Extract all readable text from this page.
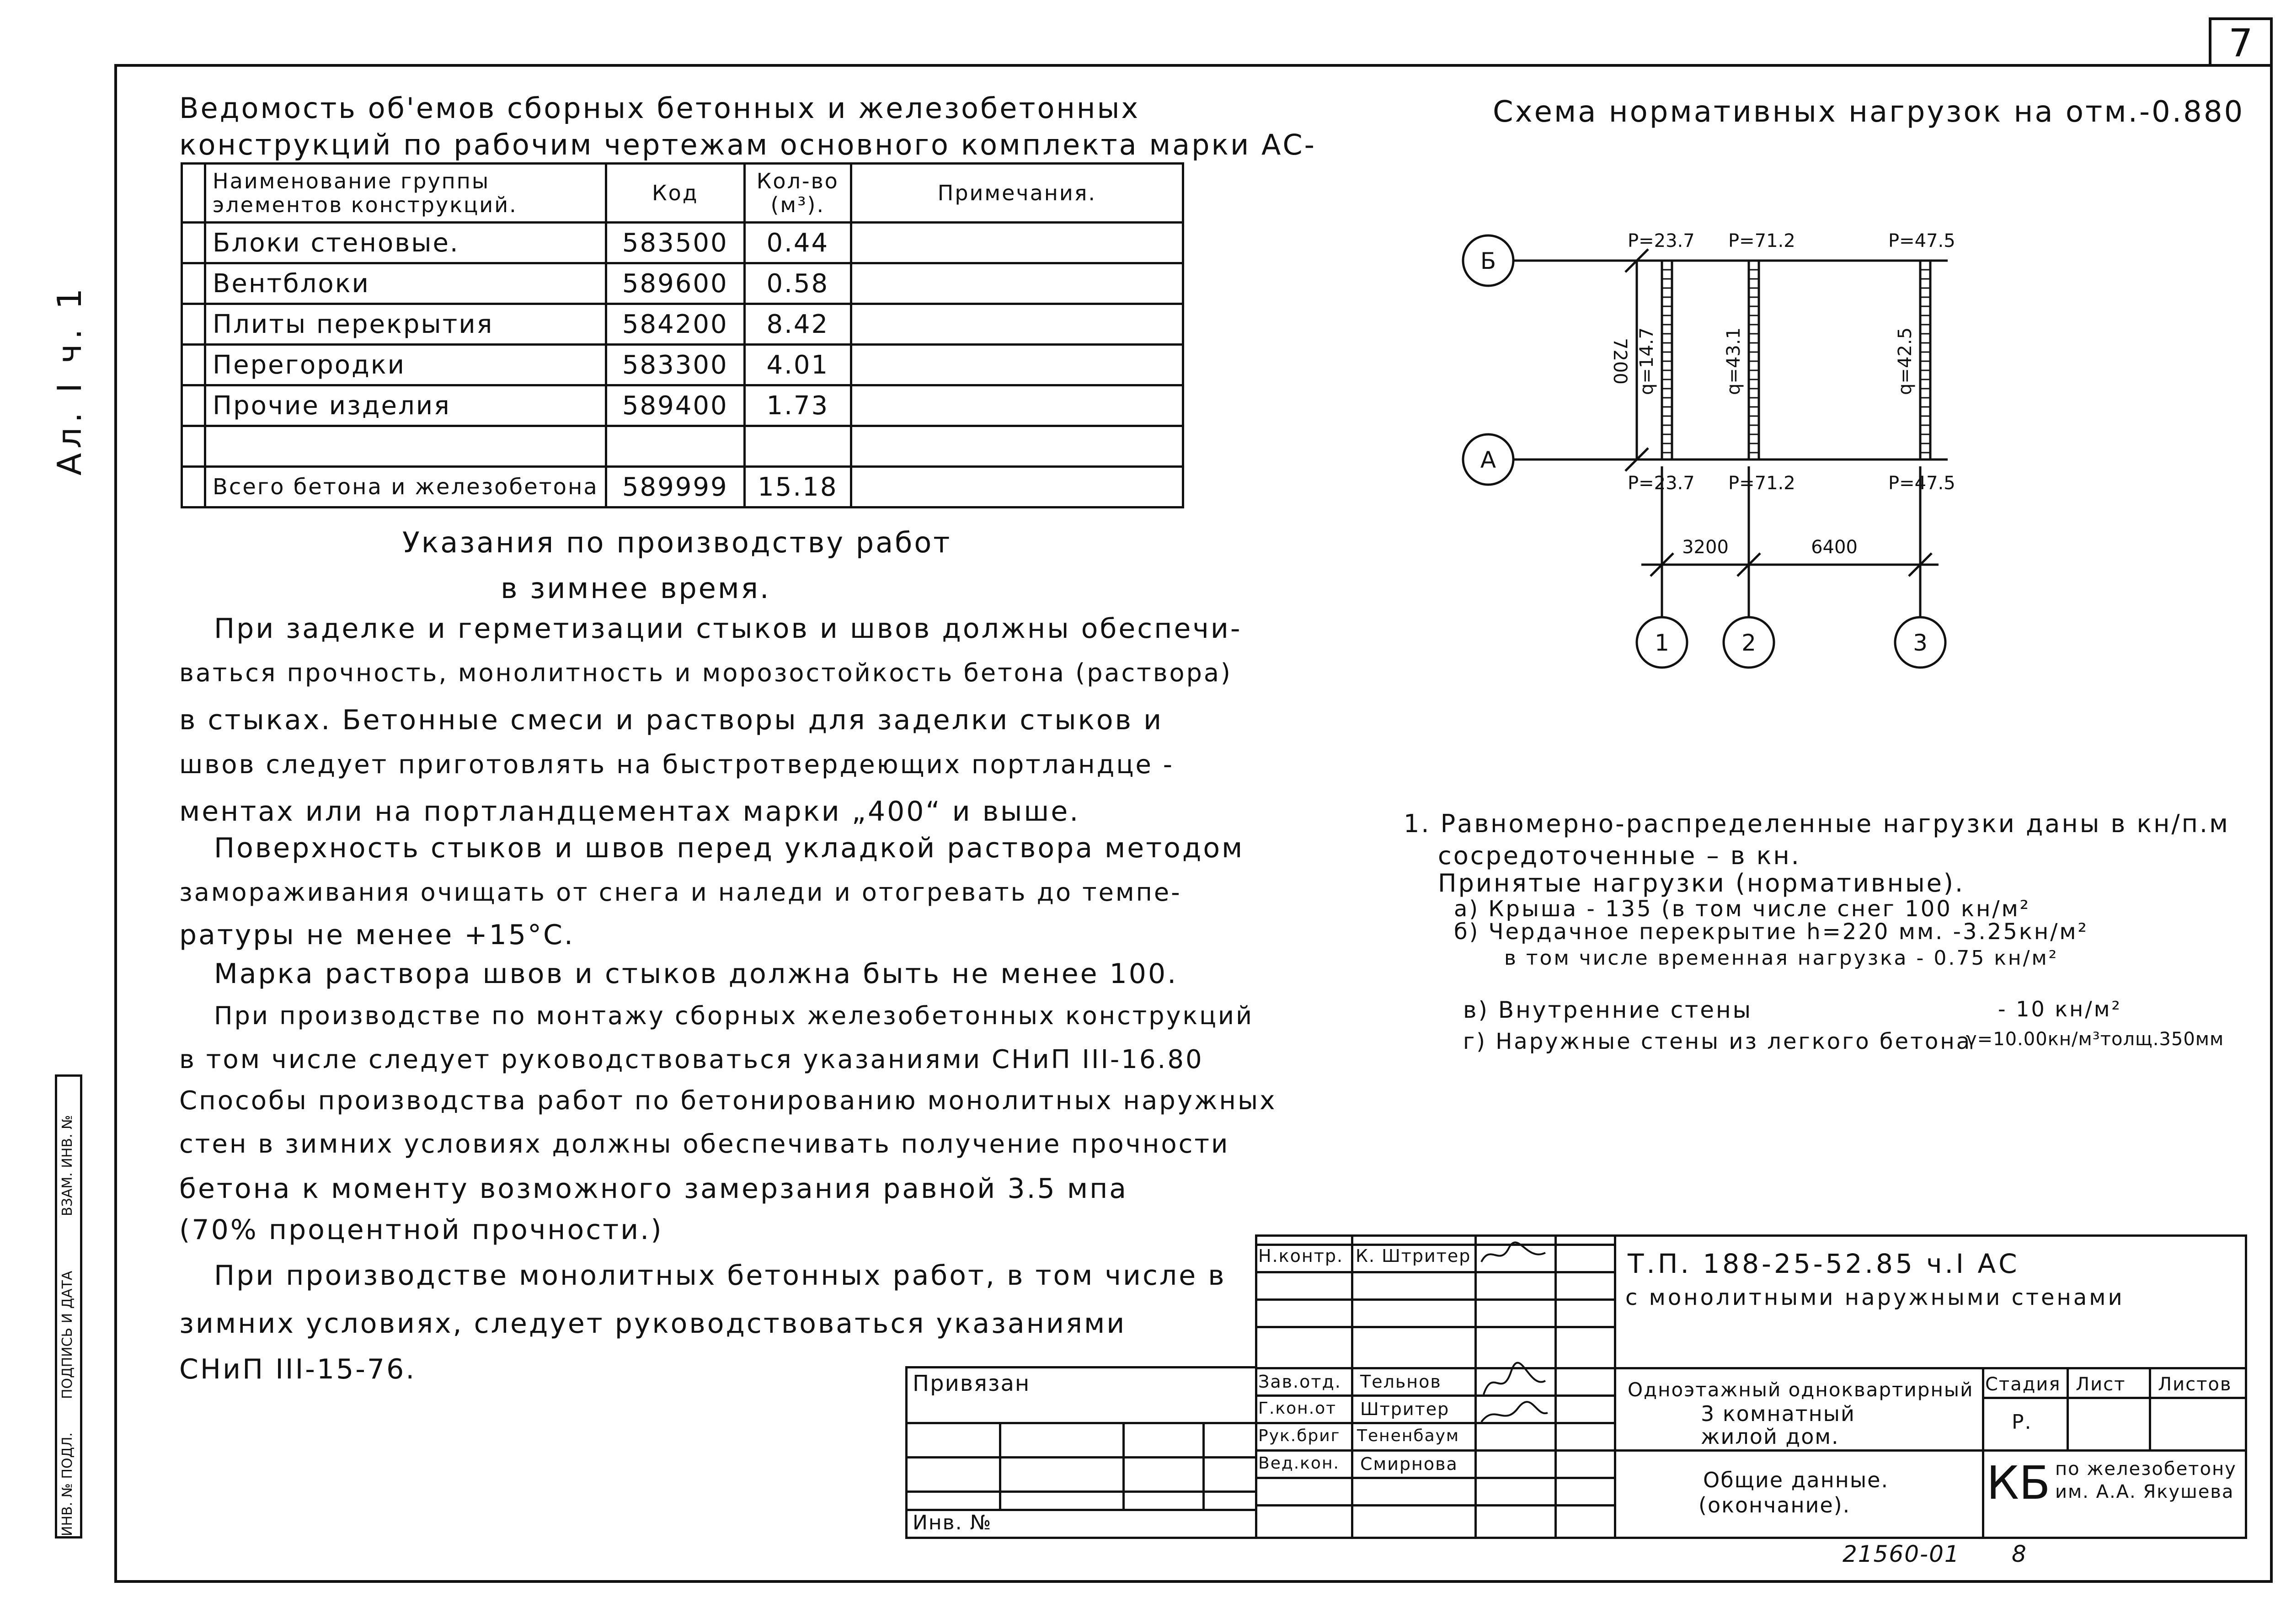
7
Ал. I ч. 1
ИНВ. № ПОДЛ.
ПОДПИСЬ И ДАТА
ВЗАМ. ИНВ. №
Ведомость об'емов сборных бетонных и железобетонных
конструкций по рабочим чертежам основного комплекта марки АС-
	Наименование группы элементов конструкций.	Код	Кол-во (м³).	Примечания.
	Блоки стеновые.	583500	0.44	
	Вентблоки	589600	0.58	
	Плиты перекрытия	584200	8.42	
	Перегородки	583300	4.01	
	Прочие изделия	589400	1.73	

	Всего бетона и железобетона	589999	15.18	
Указания по производству работ
в зимнее время.
При заделке и герметизации стыков и швов должны обеспечи-
ваться прочность, монолитность и морозостойкость бетона (раствора)
в стыках. Бетонные смеси и растворы для заделки стыков и
швов следует приготовлять на быстротвердеющих портландце -
ментах или на портландцементах марки „400“ и выше.
Поверхность стыков и швов перед укладкой раствора методом
замораживания очищать от снега и наледи и отогревать до темпе-
ратуры не менее +15°С.
Марка раствора швов и стыков должна быть не менее 100.
При производстве по монтажу сборных железобетонных конструкций
в том числе следует руководствоваться указаниями СНиП III-16.80
Способы производства работ по бетонированию монолитных наружных
стен в зимних условиях должны обеспечивать получение прочности
бетона к моменту возможного замерзания равной 3.5 мпа
(70% процентной прочности.)
При производстве монолитных бетонных работ, в том числе в
зимних условиях, следует руководствоваться указаниями
СНиП III-15-76.
Схема нормативных нагрузок на отм.-0.880
Б
А
1	2	3
7200
3200	6400
P=23.7 P=71.2	P=47.5
P=23.7 P=71.2	P=47.5
q=14.7	q=43.1	q=42.5
1. Равномерно-распределенные нагрузки даны в кн/п.м
сосредоточенные – в кн.
Принятые нагрузки (нормативные).
а) Крыша - 135 (в том числе снег 100 кн/м²
б) Чердачное перекрытие h=220 мм. -3.25кн/м²
в том числе временная нагрузка - 0.75 кн/м²
в) Внутренние стены	- 10 кн/м²
г) Наружные стены из легкого бетона
γ=10.00кн/м³толщ.350мм
Привязан
Инв. №
Н.контр. К. Штритер
Зав.отд. Тельнов
Г.кон.от Штритер
Рук.бриг Тененбаум
Вед.кон. Смирнова
Т.П. 188-25-52.85 ч.I АС
с монолитными наружными стенами
Одноэтажный одноквартирный
3 комнатный
жилой дом.
Общие данные.
(окончание).
Стадия Лист Листов
Р.
КБ по железобетону
им. А.А. Якушева
21560-01 8
